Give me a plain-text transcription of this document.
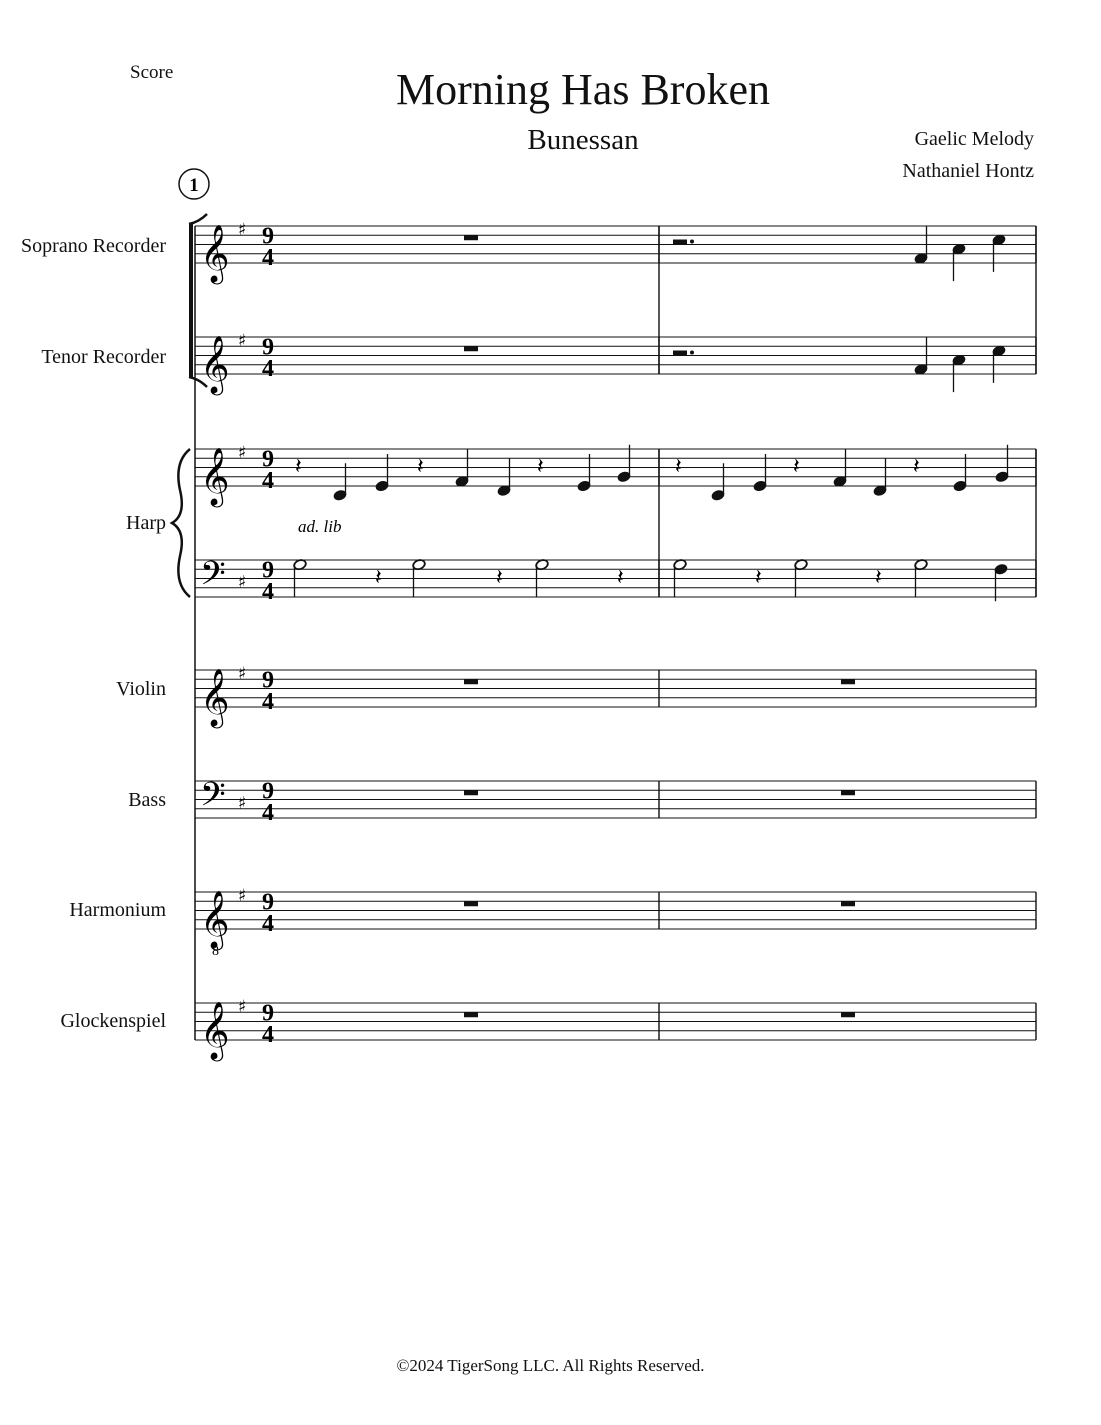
Score	Morning Has Broken
Bunessan	Gaelic Melody
Nathaniel Hontz
Soprano Recorder
Tenor Recorder
Harp
Violin
Bass
Harmonium
Glockenspiel
1
𝄞 ♯ 9
4
𝄞 ♯ 9
4
𝄞 ♯ 9
4
𝄽	𝄽	𝄽	𝄽	𝄽	𝄽
𝄢 ♯ 9
4
𝄽	𝄽	𝄽	𝄽	𝄽
𝄞 ♯ 9
4
𝄢 ♯ 9
4
𝄞 ♯ 9
4
𝄞 ♯ 9
4
ad. lib
8
©2024 TigerSong LLC. All Rights Reserved.
